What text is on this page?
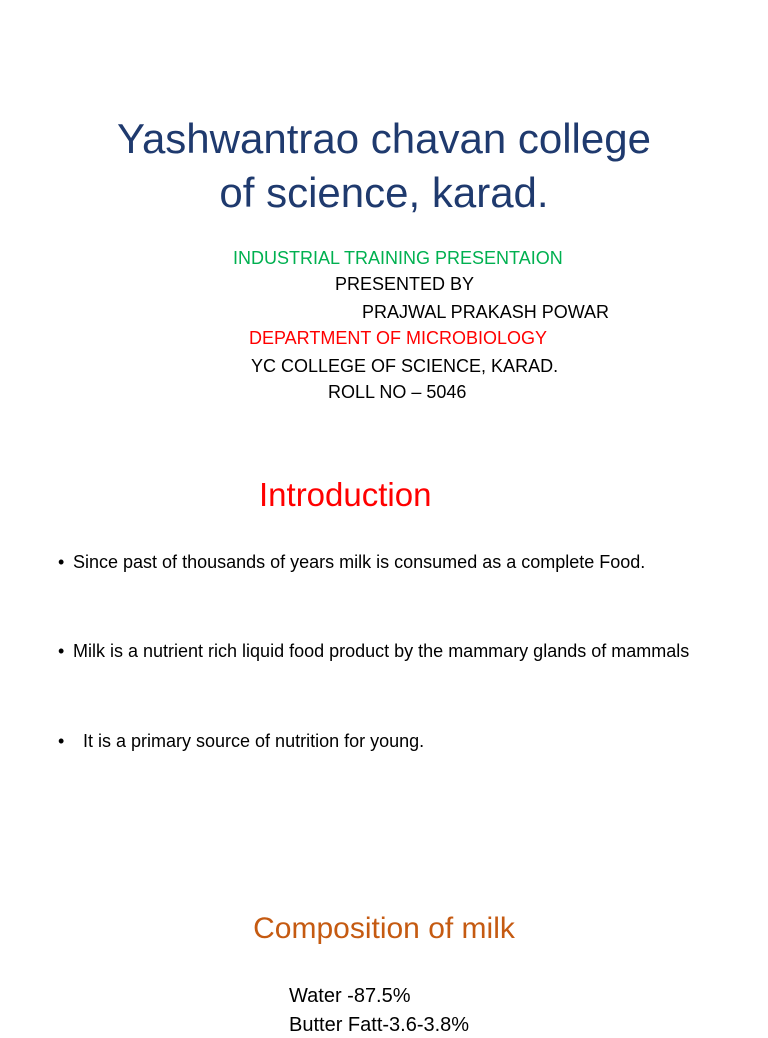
Yashwantrao chavan college
of science, karad.
INDUSTRIAL TRAINING PRESENTAION
PRESENTED BY
PRAJWAL PRAKASH POWAR
DEPARTMENT OF MICROBIOLOGY
YC COLLEGE OF SCIENCE, KARAD.
ROLL NO – 5046
Introduction
• Since past of thousands of years milk is consumed as a complete Food.
• Milk is a nutrient rich liquid food product by the mammary glands of mammals
•	It is a primary source of nutrition for young.
Composition of milk
Water -87.5%
Butter Fatt-3.6-3.8%
